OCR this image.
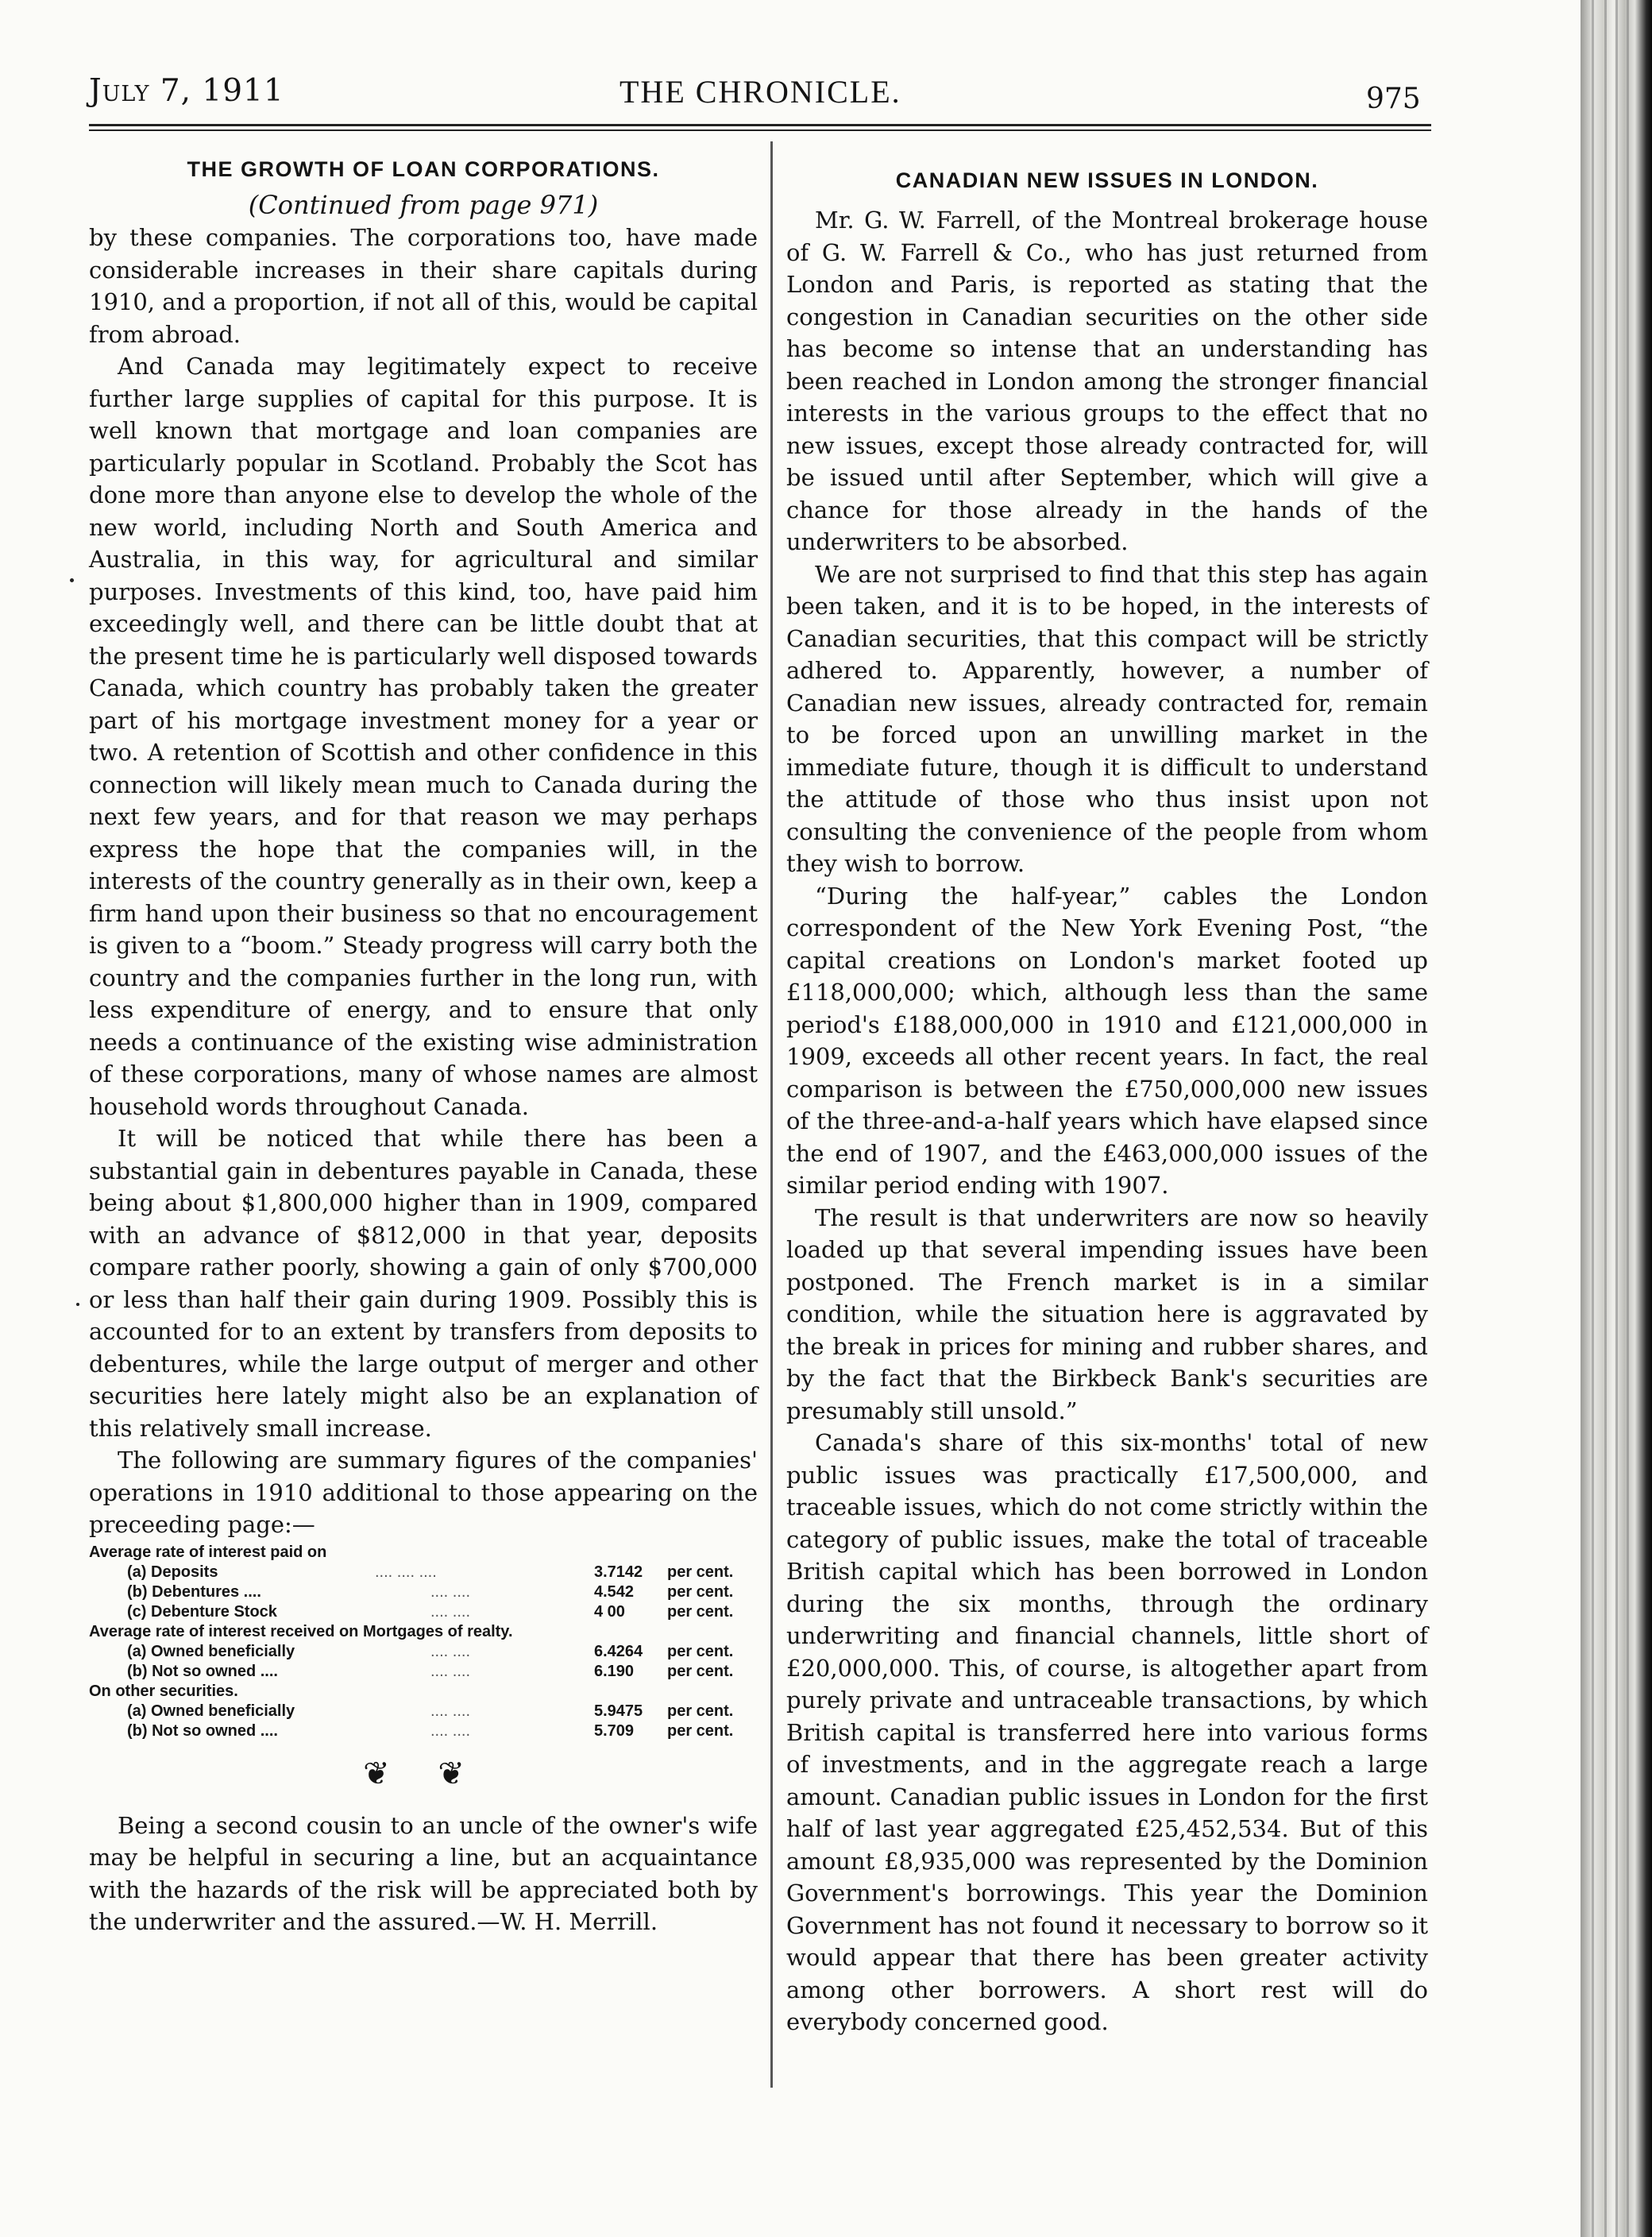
July 7, 1911	THE CHRONICLE.	975
THE GROWTH OF LOAN CORPORATIONS.
(Continued from page 971)

by these companies. The corporations too, have made considerable increases in their share capitals during 1910, and a proportion, if not all of this, would be capital from abroad.

And Canada may legitimately expect to receive further large supplies of capital for this purpose. It is well known that mortgage and loan companies are particularly popular in Scotland. Probably the Scot has done more than anyone else to develop the whole of the new world, including North and South America and Australia, in this way, for agricultural and similar purposes. Investments of this kind, too, have paid him exceedingly well, and there can be little doubt that at the present time he is particularly well disposed towards Canada, which country has probably taken the greater part of his mortgage investment money for a year or two. A retention of Scottish and other confidence in this connection will likely mean much to Canada during the next few years, and for that reason we may perhaps express the hope that the companies will, in the interests of the country generally as in their own, keep a firm hand upon their business so that no encouragement is given to a “boom.” Steady progress will carry both the country and the companies further in the long run, with less expenditure of energy, and to ensure that only needs a continuance of the existing wise administration of these corporations, many of whose names are almost household words throughout Canada.

It will be noticed that while there has been a substantial gain in debentures payable in Canada, these being about $1,800,000 higher than in 1909, compared with an advance of $812,000 in that year, deposits compare rather poorly, showing a gain of only $700,000 or less than half their gain during 1909. Possibly this is accounted for to an extent by transfers from deposits to debentures, while the large output of merger and other securities here lately might also be an explanation of this relatively small increase.

The following are summary figures of the companies' operations in 1910 additional to those appearing on the preceeding page:—

Average rate of interest paid on
(a) Deposits	.... .... ....	3.7142 per cent.
(b) Debentures ....	.... ....	4.542 per cent.
(c) Debenture Stock	.... ....	4 00	per cent.
Average rate of interest received on Mortgages of realty.
(a) Owned beneficially	.... ....	6.4264 per cent.
(b) Not so owned ....	.... ....	6.190 per cent.
On other securities.
(a) Owned beneficially	.... ....	5.9475 per cent.
(b) Not so owned ....	.... ....	5.709 per cent.
❦ ❦

Being a second cousin to an uncle of the owner's wife may be helpful in securing a line, but an acquaintance with the hazards of the risk will be appreciated both by the underwriter and the assured.—W. H. Merrill.

CANADIAN NEW ISSUES IN LONDON.

Mr. G. W. Farrell, of the Montreal brokerage house of G. W. Farrell & Co., who has just returned from London and Paris, is reported as stating that the congestion in Canadian securities on the other side has become so intense that an understanding has been reached in London among the stronger financial interests in the various groups to the effect that no new issues, except those already contracted for, will be issued until after September, which will give a chance for those already in the hands of the underwriters to be absorbed.

We are not surprised to find that this step has again been taken, and it is to be hoped, in the interests of Canadian securities, that this compact will be strictly adhered to. Apparently, however, a number of Canadian new issues, already contracted for, remain to be forced upon an unwilling market in the immediate future, though it is difficult to understand the attitude of those who thus insist upon not consulting the convenience of the people from whom they wish to borrow.

“During the half-year,” cables the London correspondent of the New York Evening Post, “the capital creations on London's market footed up £118,000,000; which, although less than the same period's £188,000,000 in 1910 and £121,000,000 in 1909, exceeds all other recent years. In fact, the real comparison is between the £750,000,000 new issues of the three-and-a-half years which have elapsed since the end of 1907, and the £463,000,000 issues of the similar period ending with 1907.

The result is that underwriters are now so heavily loaded up that several impending issues have been postponed. The French market is in a similar condition, while the situation here is aggravated by the break in prices for mining and rubber shares, and by the fact that the Birkbeck Bank's securities are presumably still unsold.”

Canada's share of this six-months' total of new public issues was practically £17,500,000, and traceable issues, which do not come strictly within the category of public issues, make the total of traceable British capital which has been borrowed in London during the six months, through the ordinary underwriting and financial channels, little short of £20,000,000. This, of course, is altogether apart from purely private and untraceable transactions, by which British capital is transferred here into various forms of investments, and in the aggregate reach a large amount. Canadian public issues in London for the first half of last year aggregated £25,452,534. But of this amount £8,935,000 was represented by the Dominion Government's borrowings. This year the Dominion Government has not found it necessary to borrow so it would appear that there has been greater activity among other borrowers. A short rest will do everybody concerned good.
